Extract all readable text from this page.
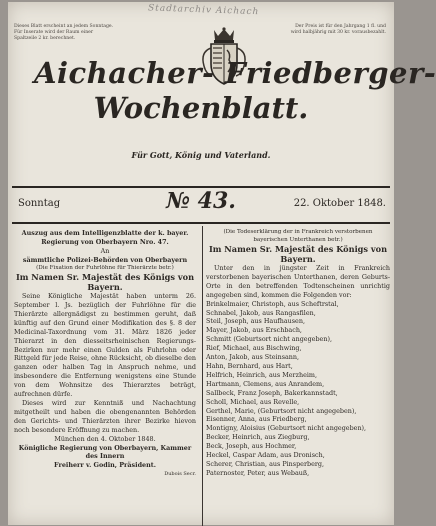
Stadtarchiv Aichach
Dieses Blatt erscheint an jedem Sonntage. Für Inserate wird der Raum einer Spaltzeile 2 kr. berechnet.
Der Preis ist für den Jahrgang 1 fl. und wird halbjährig mit 30 kr. vorausbezahlt.
Aichacher- Friedberger-
Wochenblatt.
Für Gott, König und Vaterland.
Sonntag	№ 43.	22. Oktober 1848.

Auszug aus dem Intelligenzblatte der k. bayer. Regierung von Oberbayern Nro. 47.

An

sämmtliche Polizei-Behörden von Oberbayern

(Die Fixation der Fuhrlöhne für Thierärzte betr.)

Im Namen Sr. Majestät des Königs von Bayern.

Seine Königliche Majestät haben unterm 26. September l. Js. bezüglich der Fuhrlöhne für die Thierärzte allergnädigst zu bestimmen geruht, daß künftig auf den Grund einer Modifikation des §. 8 der Medicinal-Taxordnung vom 31. März 1826 jeder Thierarzt in den diesseitsrheinischen Regierungs-Bezirken nur mehr einen Gulden als Fuhrlohn oder Rittgeld für jede Reise, ohne Rücksicht, ob dieselbe den ganzen oder halben Tag in Anspruch nehme, und insbesondere die Entfernung wenigstens eine Stunde von dem Wohnsitze des Thierarztes beträgt, aufrechnen dürfe.

Dieses wird zur Kenntniß und Nachachtung mitgetheilt und haben die obengenannten Behörden den Gerichts- und Thierärzten ihrer Bezirke hievon noch besondere Eröffnung zu machen.

München den 4. Oktober 1848.

Königliche Regierung von Oberbayern, Kammer des Innern

Freiherr v. Godin, Präsident.

Dubois Secr.

(Die Todeserklärung der in Frankreich verstorbenen bayerischen Unterthanen betr.)

Im Namen Sr. Majestät des Königs von Bayern.

Unter den in jüngster Zeit in Frankreich verstorbenen bayerischen Unterthanen, deren Geburts-Orte in den betreffenden Todtenscheinen unrichtig angegeben sind, kommen die Folgenden vor:

Brinkelmaier, Christoph, aus Scheftrstal,

Schnabel, Jakob, aus Rangasfilen,

Steil, Joseph, aus Haufhausen,

Mayer, Jakob, aus Erschbach,

Schmitt (Geburtsort nicht angegeben),

Rief, Michael, aus Bischwing,

Anton, Jakob, aus Steinsann,

Hahn, Bernhard, aus Hart,

Helfrich, Heinrich, aus Merzheim,

Hartmann, Clemens, aus Anrandem,

Sallbeck, Franz Joseph, Bakerkannstadt,

Scholl, Michael, aus Revelle,

Gerthel, Marie, (Geburtsort nicht angegeben),

Eisenner, Anna, aus Friedberg,

Montigny, Aloisius (Geburtsort nicht angegeben),

Becker, Heinrich, aus Ziegburg,

Beck, Joseph, aus Hochmer,

Heckel, Caspar Adam, aus Dronisch,

Scherer, Christian, aus Pinsperberg,

Paternoster, Peter, aus Webauß,
